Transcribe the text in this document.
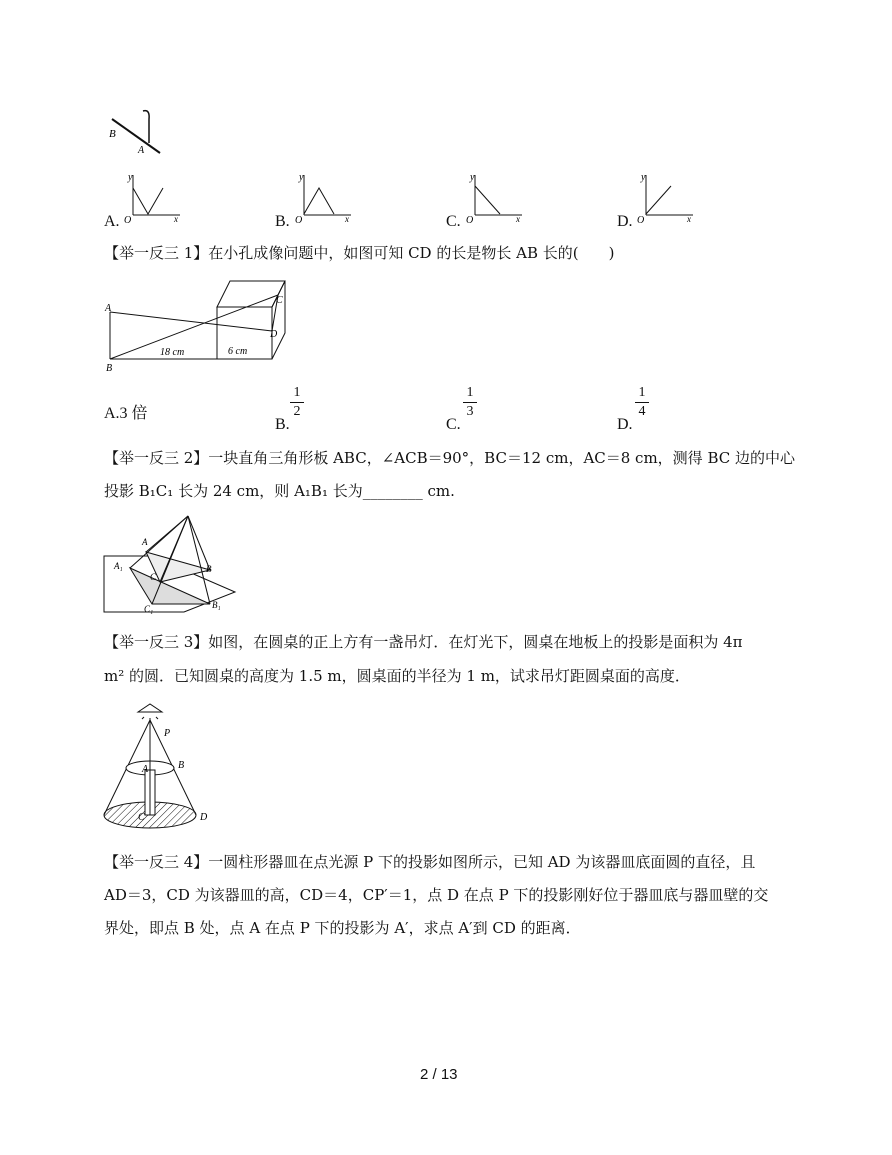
B
A
A.
y
x
O	B.
y
x
O	C.
y
x
O	D.
y
x
O
【举一反三 1】在小孔成像问题中，如图可知 CD 的长是物长 AB 长的(　　)
A
B
C
D
18 cm	6 cm
A.3 倍
B.
1
2
C.
1
3
D.
1
4
【举一反三 2】一块直角三角形板 ABC，∠ACB＝90°，BC＝12 cm，AC＝8 cm，测得 BC 边的中心
投影 B₁C₁ 长为 24 cm，则 A₁B₁ 长为________ cm.
A
A₁	B
B₁
C
C₁
【举一反三 3】如图，在圆桌的正上方有一盏吊灯．在灯光下，圆桌在地板上的投影是面积为 4π
m² 的圆．已知圆桌的高度为 1.5 m，圆桌面的半径为 1 m，试求吊灯距圆桌面的高度．
P
A	B
C	D
【举一反三 4】一圆柱形器皿在点光源 P 下的投影如图所示，已知 AD 为该器皿底面圆的直径，且
AD＝3，CD 为该器皿的高，CD＝4，CP′＝1，点 D 在点 P 下的投影刚好位于器皿底与器皿壁的交
界处，即点 B 处，点 A 在点 P 下的投影为 A′，求点 A′到 CD 的距离．
2 / 13
